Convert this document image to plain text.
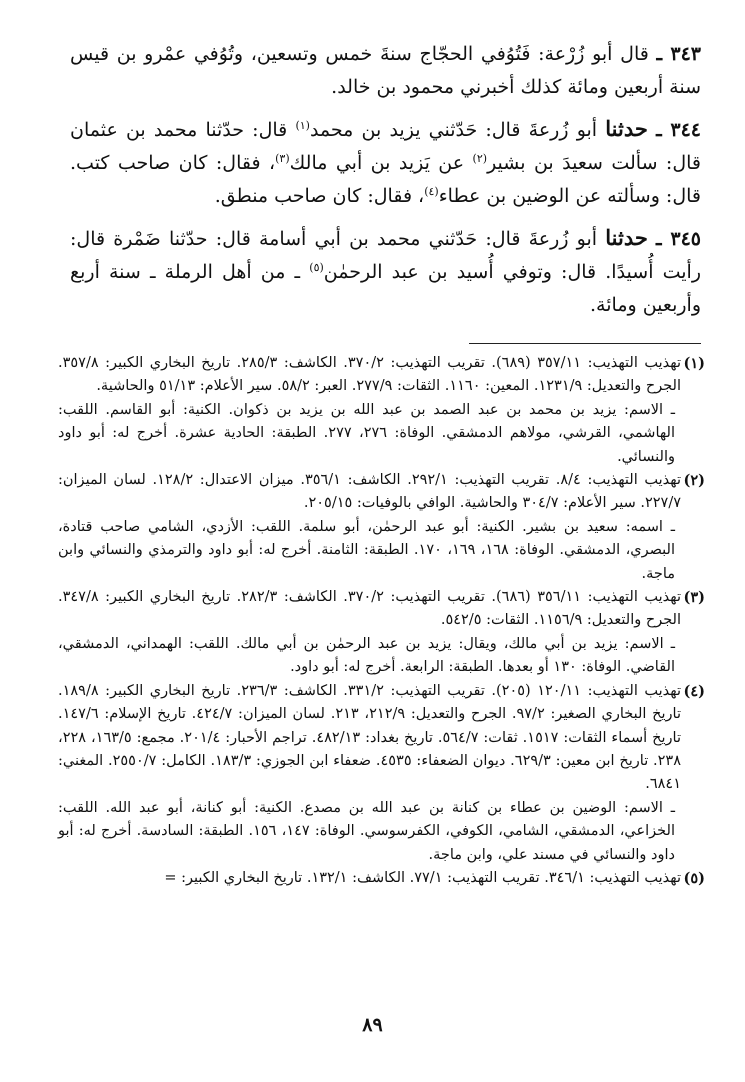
٣٤٣ ـ قال أبو زُرْعة: فَتُوُفي الحجّاج سنةَ خمس وتسعين، وتُوُفي عمْرو بن قيس سنة أربعين ومائة كذلك أخبرني محمود بن خالد.

٣٤٤ ـ حدثنا أبو زُرعةَ قال: حَدّثني يزيد بن محمد$^{(١)}$ قال: حدّثنا محمد بن عثمان قال: سألت سعيدَ بن بشير$^{(٢)}$ عن يَزيد بن أبي مالك$^{(٣)}$، فقال: كان صاحب كتب. قال: وسألته عن الوضين بن عطاء$^{(٤)}$، فقال: كان صاحب منطق.

٣٤٥ ـ حدثنا أبو زُرعةَ قال: حَدّثني محمد بن أبي أسامة قال: حدّثنا ضَمْرة قال: رأيت أُسيدًا. قال: وتوفي أُسيد بن عبد الرحمٰن$^{(٥)}$ ـ من أهل الرملة ـ سنة أربع وأربعين ومائة.

(١)
تهذيب التهذيب: ٣٥٧/١١ (٦٨٩). تقريب التهذيب: ٣٧٠/٢. الكاشف: ٢٨٥/٣. تاريخ البخاري الكبير: ٣٥٧/٨. الجرح والتعديل: ١٢٣١/٩. المعين: ١١٦٠. الثقات: ٢٧٧/٩. العبر: ٥٨/٢. سير الأعلام: ٥١/١٣ والحاشية.
ـ الاسم: يزيد بن محمد بن عبد الصمد بن عبد الله بن يزيد بن ذكوان. الكنية: أبو القاسم. اللقب: الهاشمي، القرشي، مولاهم الدمشقي. الوفاة: ٢٧٦، ٢٧٧. الطبقة: الحادية عشرة. أخرج له: أبو داود والنسائي.
(٢)
تهذيب التهذيب: ٨/٤. تقريب التهذيب: ٢٩٢/١. الكاشف: ٣٥٦/١. ميزان الاعتدال: ١٢٨/٢. لسان الميزان: ٢٢٧/٧. سير الأعلام: ٣٠٤/٧ والحاشية. الوافي بالوفيات: ٢٠٥/١٥.
ـ اسمه: سعيد بن بشير. الكنية: أبو عبد الرحمٰن، أبو سلمة. اللقب: الأزدي، الشامي صاحب قتادة، البصري، الدمشقي. الوفاة: ١٦٨، ١٦٩، ١٧٠. الطبقة: الثامنة. أخرج له: أبو داود والترمذي والنسائي وابن ماجة.
(٣)
تهذيب التهذيب: ٣٥٦/١١ (٦٨٦). تقريب التهذيب: ٣٧٠/٢. الكاشف: ٢٨٢/٣. تاريخ البخاري الكبير: ٣٤٧/٨. الجرح والتعديل: ١١٥٦/٩. الثقات: ٥٤٢/٥.
ـ الاسم: يزيد بن أبي مالك، ويقال: يزيد بن عبد الرحمٰن بن أبي مالك. اللقب: الهمداني، الدمشقي، القاضي. الوفاة: ١٣٠ أو بعدها. الطبقة: الرابعة. أخرج له: أبو داود.
(٤)
تهذيب التهذيب: ١٢٠/١١ (٢٠٥). تقريب التهذيب: ٣٣١/٢. الكاشف: ٢٣٦/٣. تاريخ البخاري الكبير: ١٨٩/٨. تاريخ البخاري الصغير: ٩٧/٢. الجرح والتعديل: ٢١٢/٩، ٢١٣. لسان الميزان: ٤٢٤/٧. تاريخ الإسلام: ١٤٧/٦. تاريخ أسماء الثقات: ١٥١٧. ثقات: ٥٦٤/٧. تاريخ بغداد: ٤٨٢/١٣. تراجم الأحبار: ٢٠١/٤. مجمع: ١٦٣/٥، ٢٢٨، ٢٣٨. تاريخ ابن معين: ٦٢٩/٣. ديوان الضعفاء: ٤٥٣٥. ضعفاء ابن الجوزي: ١٨٣/٣. الكامل: ٢٥٥٠/٧. المغني: ٦٨٤١.
ـ الاسم: الوضين بن عطاء بن كنانة بن عبد الله بن مصدع. الكنية: أبو كنانة، أبو عبد الله. اللقب: الخزاعي، الدمشقي، الشامي، الكوفي، الكفرسوسي. الوفاة: ١٤٧، ١٥٦. الطبقة: السادسة. أخرج له: أبو داود والنسائي في مسند علي، وابن ماجة.
(٥)
تهذيب التهذيب: ٣٤٦/١. تقريب التهذيب: ٧٧/١. الكاشف: ١٣٢/١. تاريخ البخاري الكبير: =
٨٩
